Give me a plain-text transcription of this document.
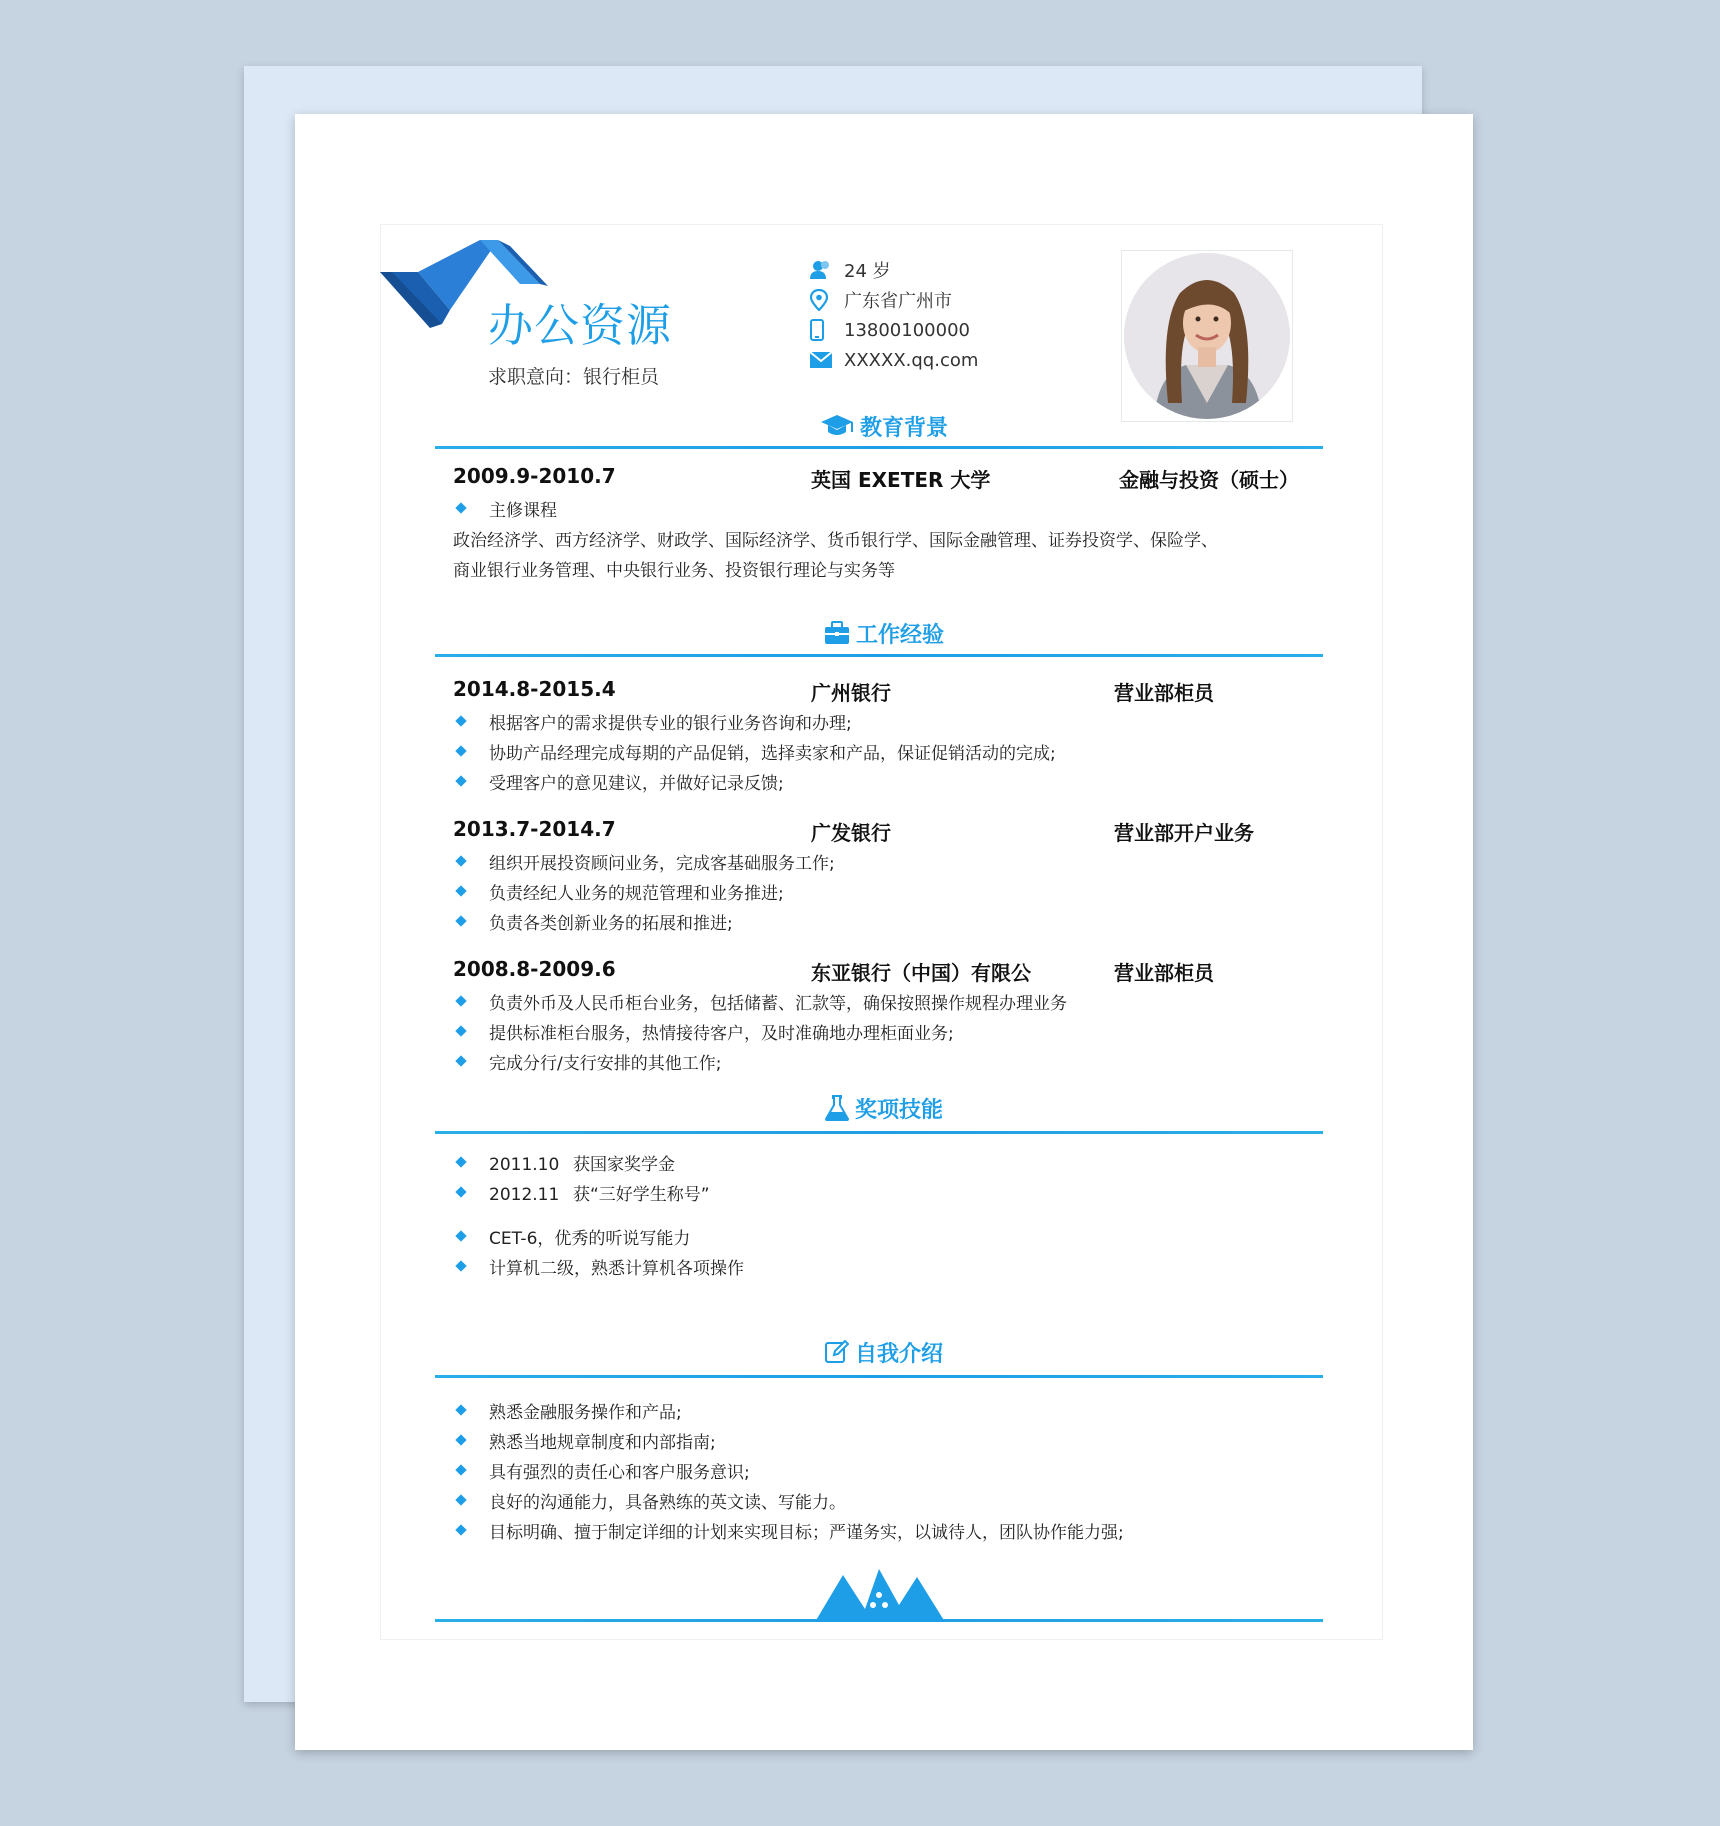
办公资源
求职意向：银行柜员
24 岁
广东省广州市
13800100000
XXXXX.qq.com
教育背景
2009.9-2010.7	英国 EXETER 大学	金融与投资（硕士）
主修课程
政治经济学、西方经济学、财政学、国际经济学、货币银行学、国际金融管理、证券投资学、保险学、
商业银行业务管理、中央银行业务、投资银行理论与实务等
工作经验
2014.8-2015.4	广州银行	营业部柜员
根据客户的需求提供专业的银行业务咨询和办理;
协助产品经理完成每期的产品促销，选择卖家和产品，保证促销活动的完成;
受理客户的意见建议，并做好记录反馈;
2013.7-2014.7	广发银行	营业部开户业务
组织开展投资顾问业务，完成客基础服务工作;
负责经纪人业务的规范管理和业务推进;
负责各类创新业务的拓展和推进;
2008.8-2009.6	东亚银行（中国）有限公	营业部柜员
负责外币及人民币柜台业务，包括储蓄、汇款等，确保按照操作规程办理业务
提供标准柜台服务，热情接待客户，及时准确地办理柜面业务;
完成分行/支行安排的其他工作;
奖项技能
2011.10 获国家奖学金
2012.11 获“三好学生称号”
CET-6，优秀的听说写能力
计算机二级，熟悉计算机各项操作
自我介绍
熟悉金融服务操作和产品;
熟悉当地规章制度和内部指南;
具有强烈的责任心和客户服务意识;
良好的沟通能力，具备熟练的英文读、写能力。
目标明确、擅于制定详细的计划来实现目标；严谨务实，以诚待人，团队协作能力强;
